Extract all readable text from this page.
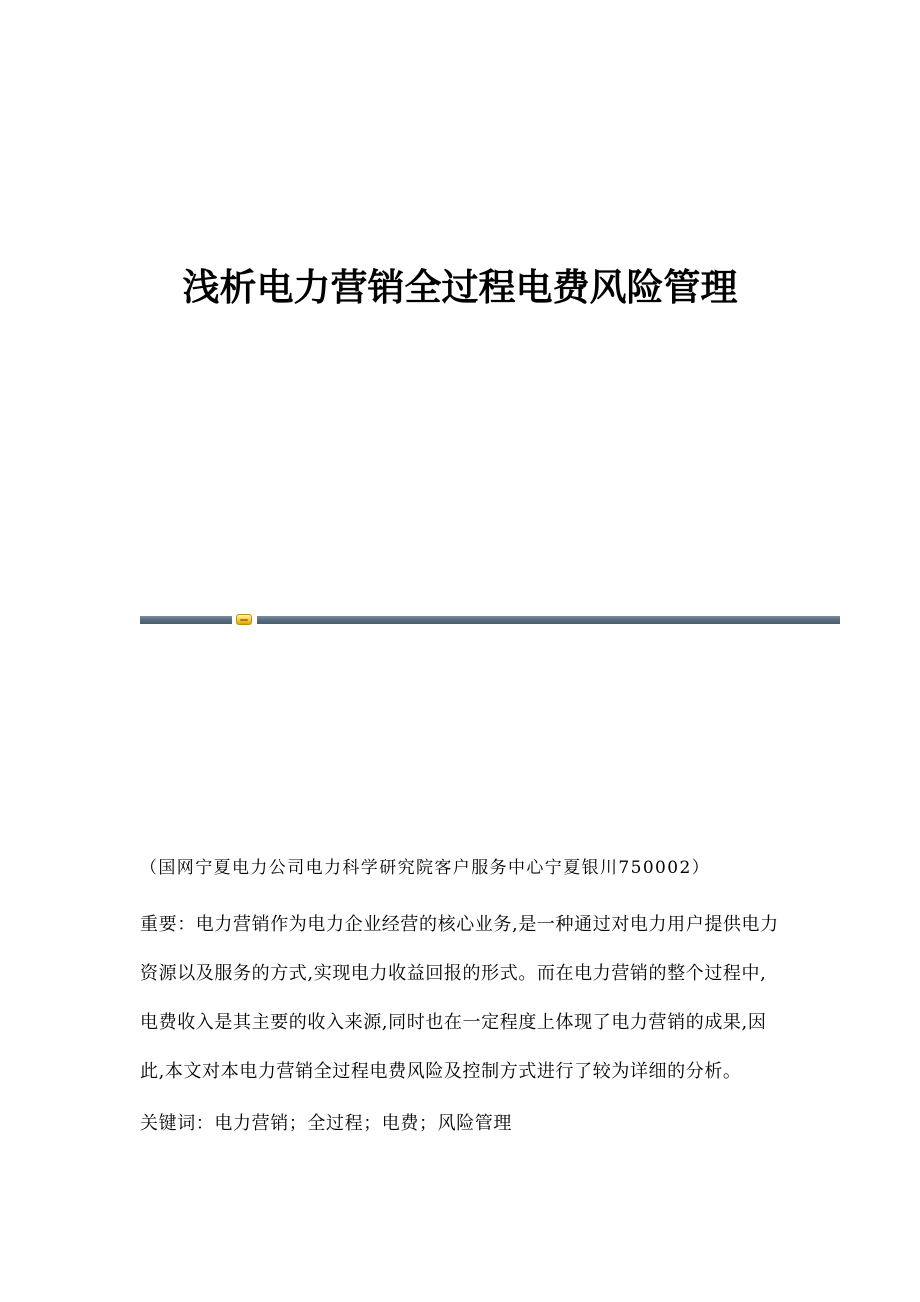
浅析电力营销全过程电费风险管理
（国网宁夏电力公司电力科学研究院客户服务中心宁夏银川750002）
重要：电力营销作为电力企业经营的核心业务,是一种通过对电力用户提供电力
资源以及服务的方式,实现电力收益回报的形式。而在电力营销的整个过程中,
电费收入是其主要的收入来源,同时也在一定程度上体现了电力营销的成果,因
此,本文对本电力营销全过程电费风险及控制方式进行了较为详细的分析。
关键词：电力营销；全过程；电费；风险管理
